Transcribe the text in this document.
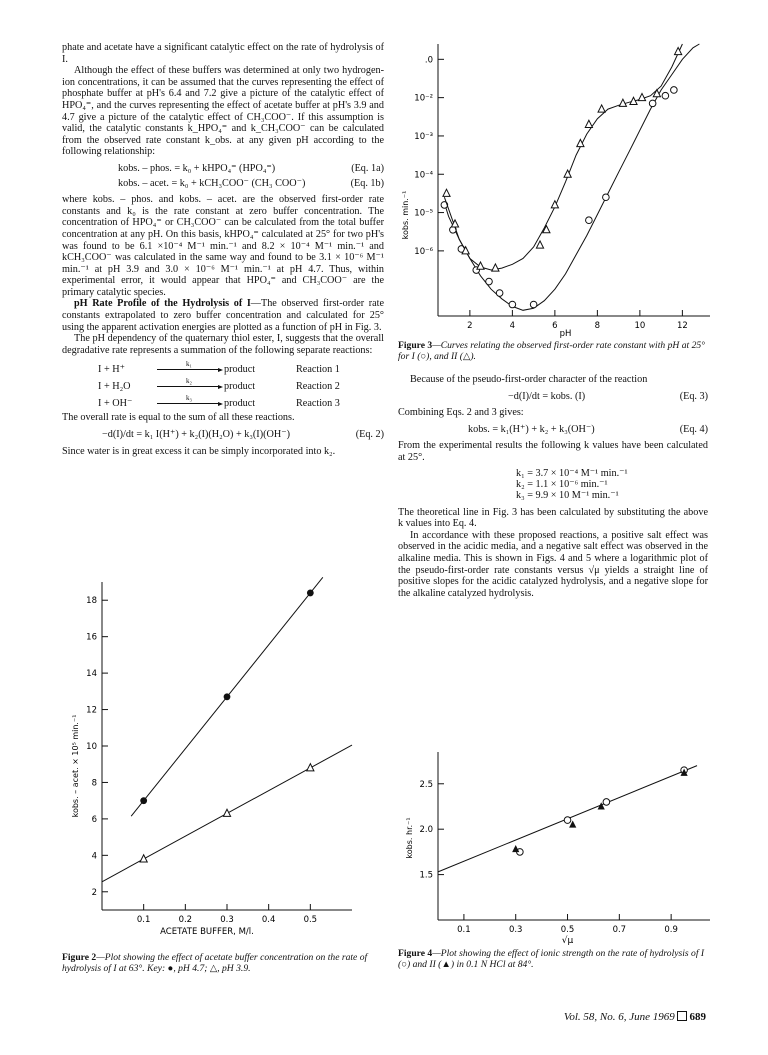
phate and acetate have a significant catalytic effect on the rate of hydrolysis of I.

Although the effect of these buffers was determined at only two hydrogen-ion concentrations, it can be assumed that the curves representing the effect of phosphate buffer at pH's 6.4 and 7.2 give a picture of the catalytic effect of HPO₄⁼, and the curves representing the effect of acetate buffer at pH's 3.9 and 4.7 give a picture of the catalytic effect of CH₃COO⁻. If this assumption is valid, the catalytic constants k_HPO₄⁼ and k_CH₃COO⁻ can be calculated from the observed rate constant k_obs. at any given pH according to the following relationship:

kobs. – phos. = k₀ + kHPO₄⁼ (HPO₄⁼)	(Eq. 1a)
kobs. – acet. = k₀ + kCH₃COO⁻ (CH₃ COO⁻)	(Eq. 1b)

where kobs. – phos. and kobs. – acet. are the observed first-order rate constants and k₀ is the rate constant at zero buffer concentration. The concentration of HPO₄⁼ or CH₃COO⁻ can be calculated from the total buffer concentration at any pH. On this basis, kHPO₄⁼ calculated at 25° for two pH's was found to be 6.1 ×10⁻⁴ M⁻¹ min.⁻¹ and 8.2 × 10⁻⁴ M⁻¹ min.⁻¹ and kCH₃COO⁻ was calculated in the same way and found to be 3.1 × 10⁻⁶ M⁻¹ min.⁻¹ at pH 3.9 and 3.0 × 10⁻⁶ M⁻¹ min.⁻¹ at pH 4.7. Thus, within experimental error, it would appear that HPO₄⁼ and CH₃COO⁻ are the primary catalytic species.

pH Rate Profile of the Hydrolysis of I—The observed first-order rate constants extrapolated to zero buffer concentration and calculated for 25° using the apparent activation energies are plotted as a function of pH in Fig. 3.

The pH dependency of the quaternary thiol ester, I, suggests that the overall degradative rate represents a summation of the following separate reactions:

I + H⁺	k₁	product	Reaction 1
I + H₂O	k₂	product	Reaction 2
I + OH⁻	k₃	product	Reaction 3

The overall rate is equal to the sum of all these reactions.

−d(I)/dt = k₁ I(H⁺) + k₂(I)(H₂O) + k₃(I)(OH⁻)	(Eq. 2)

Since water is in great excess it can be simply incorporated into k₂.

2
4
6
8
10
12
14
16
18
0.1	0.2	0.3	0.4	0.5
ACETATE BUFFER, M/l.
kobs. – acet. × 10⁵ min.⁻¹
Figure 2—Plot showing the effect of acetate buffer concentration on the rate of hydrolysis of I at 63°. Key: ●, pH 4.7; △, pH 3.9.
.0
10⁻²
10⁻³
10⁻⁴
10⁻⁵
10⁻⁶
2	4	6	8	10	12
pH
kobs. min.⁻¹
Figure 3—Curves relating the observed first-order rate constant with pH at 25° for I (○), and II (△).

Because of the pseudo-first-order character of the reaction

−d(I)/dt = kobs. (I)	(Eq. 3)

Combining Eqs. 2 and 3 gives:

kobs. = k₁(H⁺) + k₂ + k₃(OH⁻)	(Eq. 4)

From the experimental results the following k values have been calculated at 25°.

k₁ = 3.7 × 10⁻⁴ M⁻¹ min.⁻¹
k₂ = 1.1 × 10⁻⁶ min.⁻¹
k₃ = 9.9 × 10 M⁻¹ min.⁻¹

The theoretical line in Fig. 3 has been calculated by substituting the above k values into Eq. 4.

In accordance with these proposed reactions, a positive salt effect was observed in the acidic media, and a negative salt effect was observed in the alkaline media. This is shown in Figs. 4 and 5 where a logarithmic plot of the pseudo-first-order rate constants versus √μ yields a straight line of positive slopes for the acidic catalyzed hydrolysis, and a negative slope for the alkaline catalyzed hydrolysis.

1.5
2.0
2.5
0.1	0.3	0.5	0.7	0.9
√μ
kobs. hr.⁻¹
Figure 4—Plot showing the effect of ionic strength on the rate of hydrolysis of I (○) and II (▲) in 0.1 N HCl at 84°.
Vol. 58, No. 6, June 1969 689
